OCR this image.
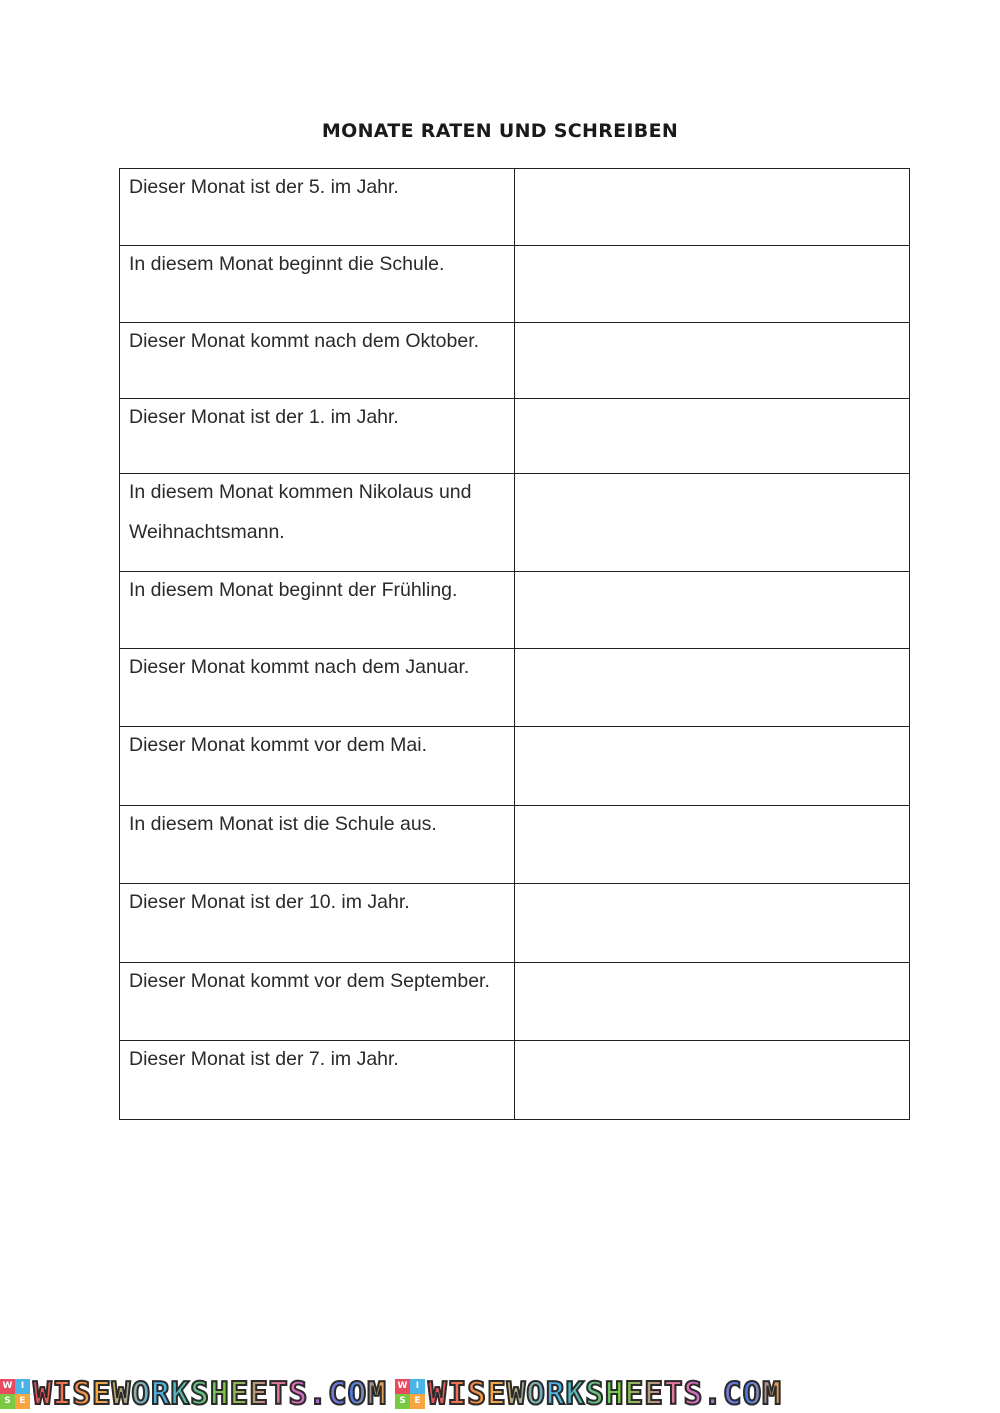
MONATE RATEN UND SCHREIBEN
Dieser Monat ist der 5. im Jahr.	

In diesem Monat beginnt die Schule.	

Dieser Monat kommt nach dem Oktober.	

Dieser Monat ist der 1. im Jahr.	

In diesem Monat kommen Nikolaus und Weihnachtsmann.	

In diesem Monat beginnt der Frühling.	

Dieser Monat kommt nach dem Januar.	

Dieser Monat kommt vor dem Mai.	

In diesem Monat ist die Schule aus.	

Dieser Monat ist der 10. im Jahr.	

Dieser Monat kommt vor dem September.	

Dieser Monat ist der 7. im Jahr.	

W I
S E WISEWORKSHEETS.COM W I
S E WISEWORKSHEETS.COM
